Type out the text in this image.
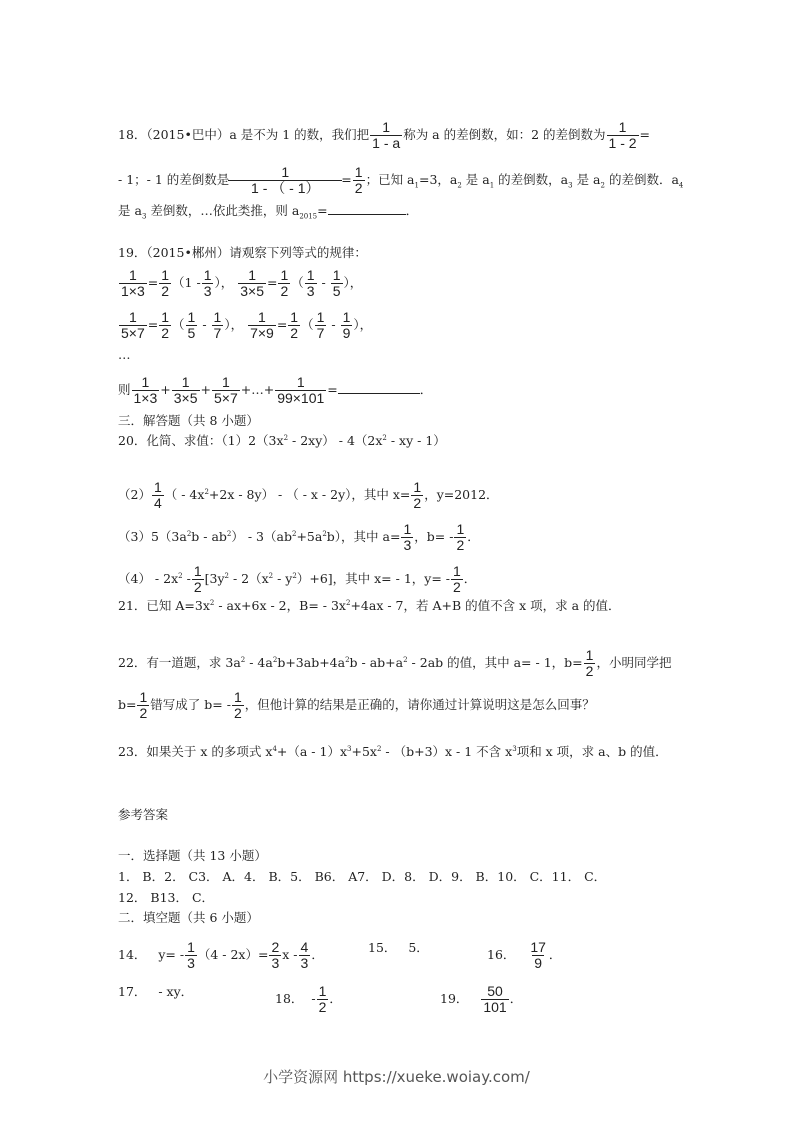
18．（2015•巴中）a 是不为 1 的数，我们把 $\frac{1}{1 - a}$ 称为 a 的差倒数，如：2 的差倒数为 $\frac{1}{1 - 2}$ =
- 1；- 1 的差倒数是 $\frac{1}{1 - ( - 1)} = \frac{1}{2}$ ；已知 $a_1=3$，$a_2$ 是 $a_1$ 的差倒数，$a_3$ 是 $a_2$ 的差倒数．$a_4$
是 $a_3$ 差倒数，…依此类推，则 $a_{2015}=$	．
19．（2015•郴州）请观察下列等式的规律：
$\frac{1}{1\times 3} = \frac{1}{2} (1 - \frac{1}{3}$ ）， $\frac{1}{3\times 5} = \frac{1}{2}$ （ $\frac{1}{3} - \frac{1}{5}$ ），
$\frac{1}{5\times 7} = \frac{1}{2}$ （ $\frac{1}{5} - \frac{1}{7}$ ）， $\frac{1}{7\times 9} = \frac{1}{2}$ （ $\frac{1}{7} - \frac{1}{9}$ ），
…
则 $\frac{1}{1\times 3} + \frac{1}{3\times 5} + \frac{1}{5\times 7}$ +…+ $\frac{1}{99\times 101}$ =	．
三．解答题（共 8 小题）
20．化简、求值：$(1)2(3x^2 - 2xy) - 4(2x^2$ - xy - 1）
$(2) \frac{1}{4}$ （ - $4x^2+2x - 8y$） - （ - x - 2y），其中 $x= \frac{1}{2}$ ，y=2012．
$(3)5(3a^2b - ab^2) - 3(ab^2+5a^2b)$，其中 $a= \frac{1}{3}$ ，$b= - \frac{1}{2}$ ．
$(4) - 2x^2 - \frac{1}{2} [3y^2 - 2(x^2 - y^2)+6]$，其中 x= - 1，$y= - \frac{1}{2}$ ．
21．已知 $A=3x^2 - ax+6x - 2$，$B= - 3x^2+4ax - 7$，若 A+B 的值不含 x 项，求 a 的值．
22．有一道题，求 $3a^2 - 4a^2b+3ab+4a^2b - ab+a^2 - 2ab$ 的值，其中 a= - 1，$b= \frac{1}{2}$ ，小明同学把
$b= \frac{1}{2}$ 错写成了 $b= - \frac{1}{2}$ ，但他计算的结果是正确的，请你通过计算说明这是怎么回事？
23．如果关于 x 的多项式 $x^4+(a - 1)x^3+5x^2 - (b+3)x - 1$ 不含 $x^3$项和 x 项，求 a、b 的值．
参考答案
一．选择题（共 13 小题）
1． B．2． C3． A．4． B．5． B6． A7． D．8． D．9． B．10． C．11． C．
12． B13． C．
二．填空题（共 6 小题）
14． $y= - \frac{1}{3} (4 - 2x)= \frac{2}{3}$ x - $\frac{4}{3}$ ．	15． 5．	16． $\frac{17}{9}$ ．
17．   - xy．	18．  - $\frac{1}{2}$ ．	19． $\frac{50}{101}$ ．
小学资源网 https://xueke.woiay.com/
